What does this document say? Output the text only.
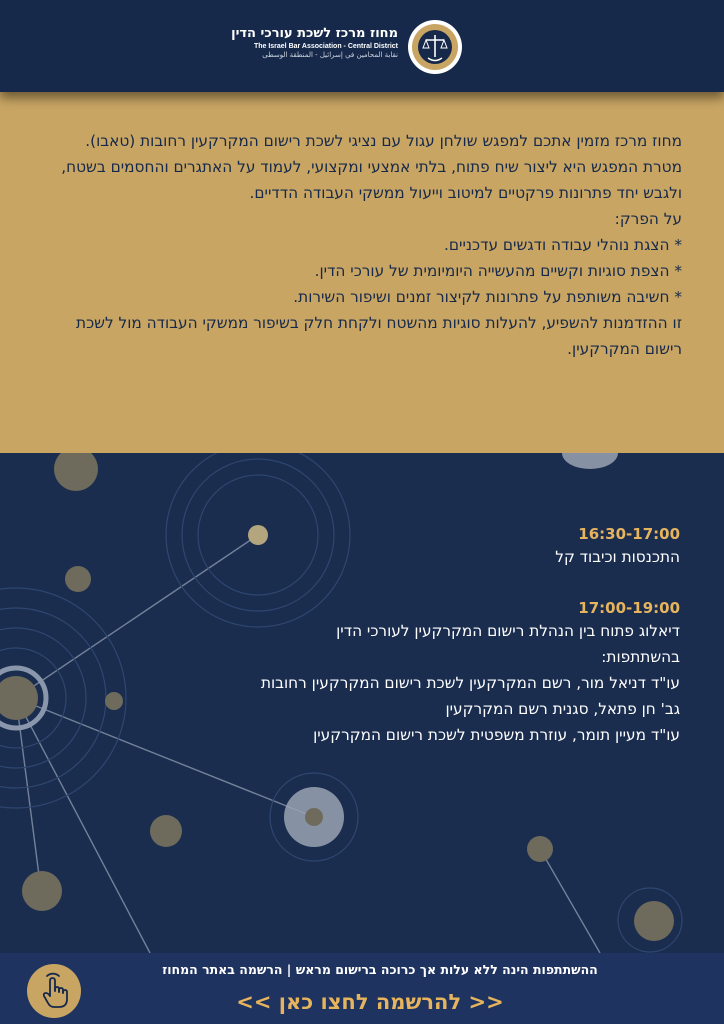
מחוז מרכז לשכת עורכי הדין
The Israel Bar Association - Central District
نقابة المحامين في إسرائيل - المنطقة الوسطى

מחוז מרכז מזמין אתכם למפגש שולחן עגול עם נציגי לשכת רישום המקרקעין רחובות (טאבו).

מטרת המפגש היא ליצור שיח פתוח, בלתי אמצעי ומקצועי, לעמוד על האתגרים והחסמים בשטח, ולגבש יחד פתרונות פרקטיים למיטוב וייעול ממשקי העבודה הדדיים.

על הפרק:

* הצגת נוהלי עבודה ודגשים עדכניים.

* הצפת סוגיות וקשיים מהעשייה היומיומית של עורכי הדין.

* חשיבה משותפת על פתרונות לקיצור זמנים ושיפור השירות.

זו ההזדמנות להשפיע, להעלות סוגיות מהשטח ולקחת חלק בשיפור ממשקי העבודה מול לשכת רישום המקרקעין.

16:30-17:00
התכנסות וכיבוד קל
17:00-19:00
דיאלוג פתוח בין הנהלת רישום המקרקעין לעורכי הדין
בהשתתפות:
עו"ד דניאל מור, רשם המקרקעין לשכת רישום המקרקעין רחובות
גב' חן פתאל, סגנית רשם המקרקעין
עו"ד מעיין תומר, עוזרת משפטית לשכת רישום המקרקעין
ההשתתפות הינה ללא עלות אך כרוכה ברישום מראש | הרשמה באתר המחוז
<< להרשמה לחצו כאן >>
